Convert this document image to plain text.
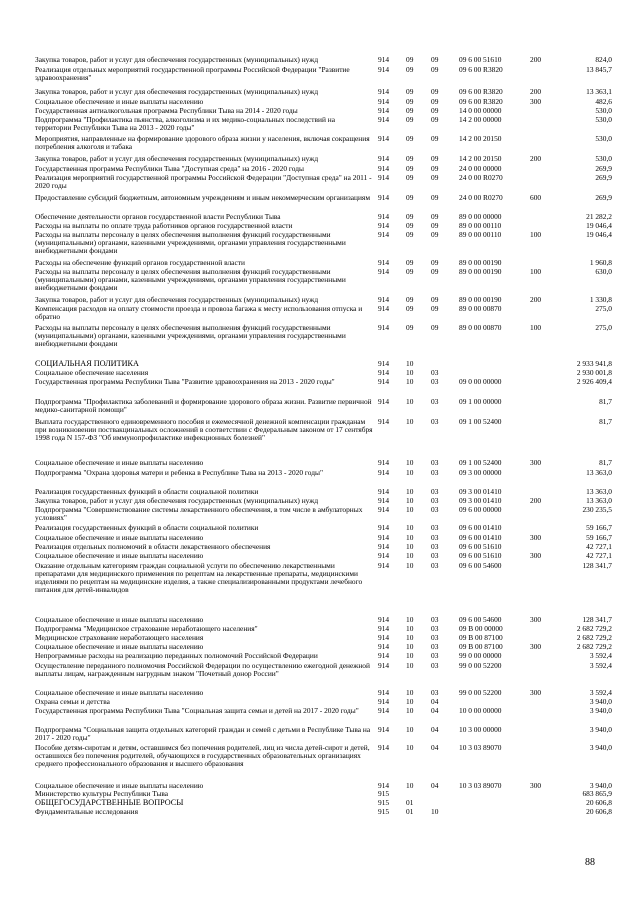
Закупка товаров, работ и услуг для обеспечения государственных (муниципальных) нужд	914 09 09	09 6 00 51610	200	824,0
Реализация отдельных мероприятий государственной программы Российской Федерации "Развитие здравоохранения"
914 09 09	09 6 00 R3820	13 845,7
Закупка товаров, работ и услуг для обеспечения государственных (муниципальных) нужд	914 09 09	09 6 00 R3820	200	13 363,1
Социальное обеспечение и иные выплаты населению	914 09 09	09 6 00 R3820	300	482,6
Государственная антиалкогольная программа Республики Тыва на 2014 - 2020 годы	914 09 09	14 0 00 00000	530,0
Подпрограмма "Профилактика пьянства, алкоголизма и их медико-социальных последствий на территории Республики Тыва на 2013 - 2020 годы"
914 09 09	14 2 00 00000	530,0
Мероприятия, направленные на формирование здорового образа жизни у населения, включая сокращения потребления алкоголя и табака
914 09 09	14 2 00 20150	530,0
Закупка товаров, работ и услуг для обеспечения государственных (муниципальных) нужд	914 09 09	14 2 00 20150	200	530,0
Государственная программа Республики Тыва "Доступная среда" на 2016 - 2020 годы	914 09 09	24 0 00 00000	269,9
Реализация мероприятий государственной программы Российской Федерации "Доступная среда" на 2011 - 2020 годы
914 09 09	24 0 00 R0270	269,9
Предоставление субсидий бюджетным, автономным учреждениям и иным некоммерческим организациям	914 09 09	24 0 00 R0270	600	269,9
Обеспечение деятельности органов государственной власти Республики Тыва	914 09 09	89 0 00 00000	21 282,2
Расходы на выплаты по оплате труда работников органов государственной власти	914 09 09	89 0 00 00110	19 046,4
Расходы на выплаты персоналу в целях обеспечения выполнения функций государственными (муниципальными) органами, казенными учреждениями, органами управления государственными внебюджетными фондами
914 09 09	89 0 00 00110	100	19 046,4
Расходы на обеспечение функций органов государственной власти	914 09 09	89 0 00 00190	1 960,8
Расходы на выплаты персоналу в целях обеспечения выполнения функций государственными (муниципальными) органами, казенными учреждениями, органами управления государственными внебюджетными фондами
914 09 09	89 0 00 00190	100	630,0
Закупка товаров, работ и услуг для обеспечения государственных (муниципальных) нужд	914 09 09	89 0 00 00190	200	1 330,8
Компенсация расходов на оплату стоимости проезда и провоза багажа к месту использования отпуска и обратно
914 09 09	89 0 00 00870	275,0
Расходы на выплаты персоналу в целях обеспечения выполнения функций государственными (муниципальными) органами, казенными учреждениями, органами управления государственными внебюджетными фондами
914 09 09	89 0 00 00870	100	275,0
СОЦИАЛЬНАЯ ПОЛИТИКА	914 10	2 933 941,8
Социальное обеспечение населения	914 10 03	2 930 001,8
Государственная программа Республики Тыва "Развитие здравоохранения на 2013 - 2020 годы"	914 10 03	09 0 00 00000	2 926 409,4
Подпрограмма "Профилактика заболеваний и формирование здорового образа жизни. Развитие первичной медико-санитарной помощи"
914 10 03	09 1 00 00000	81,7
Выплата государственного единовременного пособия и ежемесячной денежной компенсации гражданам при возникновении поствакцинальных осложнений в соответствии с Федеральным законом от 17 сентября 1998 года N 157-ФЗ "Об иммунопрофилактике инфекционных болезней"
914 10 03	09 1 00 52400	81,7
Социальное обеспечение и иные выплаты населению	914 10 03	09 1 00 52400	300	81,7
Подпрограмма "Охрана здоровья матери и ребенка в Республике Тыва на 2013 - 2020 годы"	914 10 03	09 3 00 00000	13 363,0
Реализация государственных функций в области социальной политики	914 10 03	09 3 00 01410	13 363,0
Закупка товаров, работ и услуг для обеспечения государственных (муниципальных) нужд	914 10 03	09 3 00 01410	200	13 363,0
Подпрограмма "Совершенствование системы лекарственного обеспечения, в том числе в амбулаторных условиях"
914 10 03	09 6 00 00000	230 235,5
Реализация государственных функций в области социальной политики	914 10 03	09 6 00 01410	59 166,7
Социальное обеспечение и иные выплаты населению	914 10 03	09 6 00 01410	300	59 166,7
Реализация отдельных полномочий в области лекарственного обеспечения	914 10 03	09 6 00 51610	42 727,1
Социальное обеспечение и иные выплаты населению	914 10 03	09 6 00 51610	300	42 727,1
Оказание отдельным категориям граждан социальной услуги по обеспечению лекарственными препаратами для медицинского применения по рецептам на лекарственные препараты, медицинскими изделиями по рецептам на медицинские изделия, а также специализированными продуктами лечебного питания для детей-инвалидов
914 10 03	09 6 00 54600	128 341,7
Социальное обеспечение и иные выплаты населению	914 10 03	09 6 00 54600	300	128 341,7
Подпрограмма "Медицинское страхование неработающего населения"	914 10 03	09 В 00 00000	2 682 729,2
Медицинское страхование неработающего населения	914 10 03	09 В 00 87100	2 682 729,2
Социальное обеспечение и иные выплаты населению	914 10 03	09 В 00 87100	300	2 682 729,2
Непрограммные расходы на реализацию переданных полномочий Российской Федерации	914 10 03	99 0 00 00000	3 592,4
Осуществление переданного полномочия Российской Федерации по осуществлению ежегодной денежной выплаты лицам, награжденным нагрудным знаком "Почетный донор России"
914 10 03	99 0 00 52200	3 592,4
Социальное обеспечение и иные выплаты населению	914 10 03	99 0 00 52200	300	3 592,4
Охрана семьи и детства	914 10 04	3 940,0
Государственная программа Республики Тыва "Социальная защита семьи и детей на 2017 - 2020 годы"	914 10 04	10 0 00 00000	3 940,0
Подпрограмма "Социальная защита отдельных категорий граждан и семей с детьми в Республике Тыва на 2017 - 2020 годы"
914 10 04	10 3 00 00000	3 940,0
Пособие детям-сиротам и детям, оставшимся без попечения родителей, лиц из числа детей-сирот и детей, оставшихся без попечения родителей, обучающихся в государственных образовательных организациях среднего профессионального образования и высшего образования
914 10 04	10 3 03 89070	3 940,0
Социальное обеспечение и иные выплаты населению	914 10 04	10 3 03 89070	300	3 940,0
Министерство культуры Республики Тыва	915	683 865,9
ОБЩЕГОСУДАРСТВЕННЫЕ ВОПРОСЫ	915 01	20 606,8
Фундаментальные исследования	915 01 10	20 606,8
88
